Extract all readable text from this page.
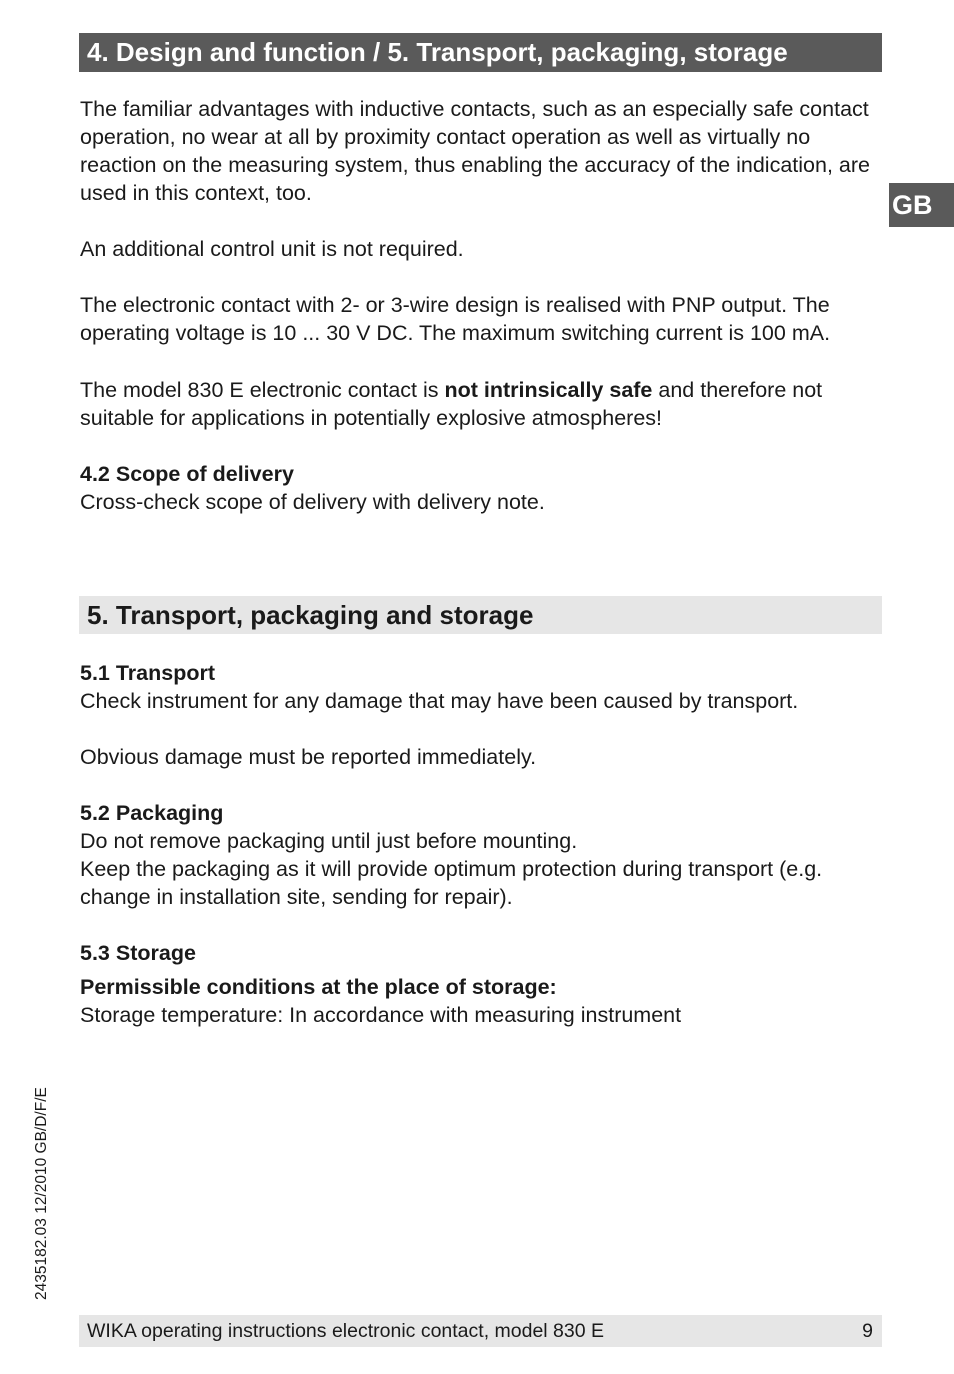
4. Design and function / 5. Transport, packaging, storage
GB

The familiar advantages with inductive contacts, such as an especially safe contact operation, no wear at all by proximity contact operation as well as virtually no reaction on the measuring system, thus enabling the accuracy of the indication, are used in this context, too.

An additional control unit is not required.

The electronic contact with 2- or 3-wire design is realised with PNP output. The operating voltage is 10 ... 30 V DC. The maximum switching current is 100 mA.

The model 830 E electronic contact is not intrinsically safe and therefore not suitable for applications in potentially explosive atmospheres!

4.2 Scope of delivery

Cross-check scope of delivery with delivery note.

5. Transport, packaging and storage

5.1 Transport

Check instrument for any damage that may have been caused by transport.

Obvious damage must be reported immediately.

5.2 Packaging

Do not remove packaging until just before mounting.

Keep the packaging as it will provide optimum protection during transport (e.g. change in installation site, sending for repair).

5.3 Storage

Permissible conditions at the place of storage:

Storage temperature: In accordance with measuring instrument

2435182.03 12/2010 GB/D/F/E
WIKA operating instructions electronic contact, model 830 E	9
